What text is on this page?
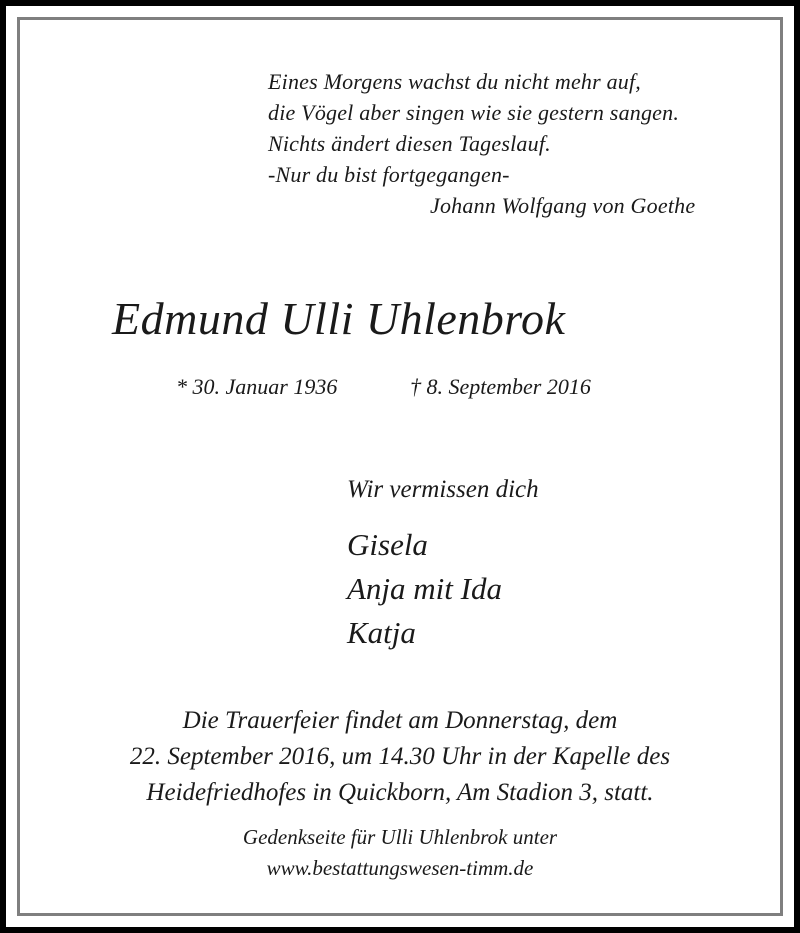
Eines Morgens wachst du nicht mehr auf,
die Vögel aber singen wie sie gestern sangen.
Nichts ändert diesen Tageslauf.
-Nur du bist fortgegangen-
Johann Wolfgang von Goethe
Edmund Ulli Uhlenbrok
* 30. Januar 1936	† 8. September 2016
Wir vermissen dich
Gisela
Anja mit Ida
Katja
Die Trauerfeier findet am Donnerstag, dem
22. September 2016, um 14.30 Uhr in der Kapelle des
Heidefriedhofes in Quickborn, Am Stadion 3, statt.
Gedenkseite für Ulli Uhlenbrok unter
www.bestattungswesen-timm.de
